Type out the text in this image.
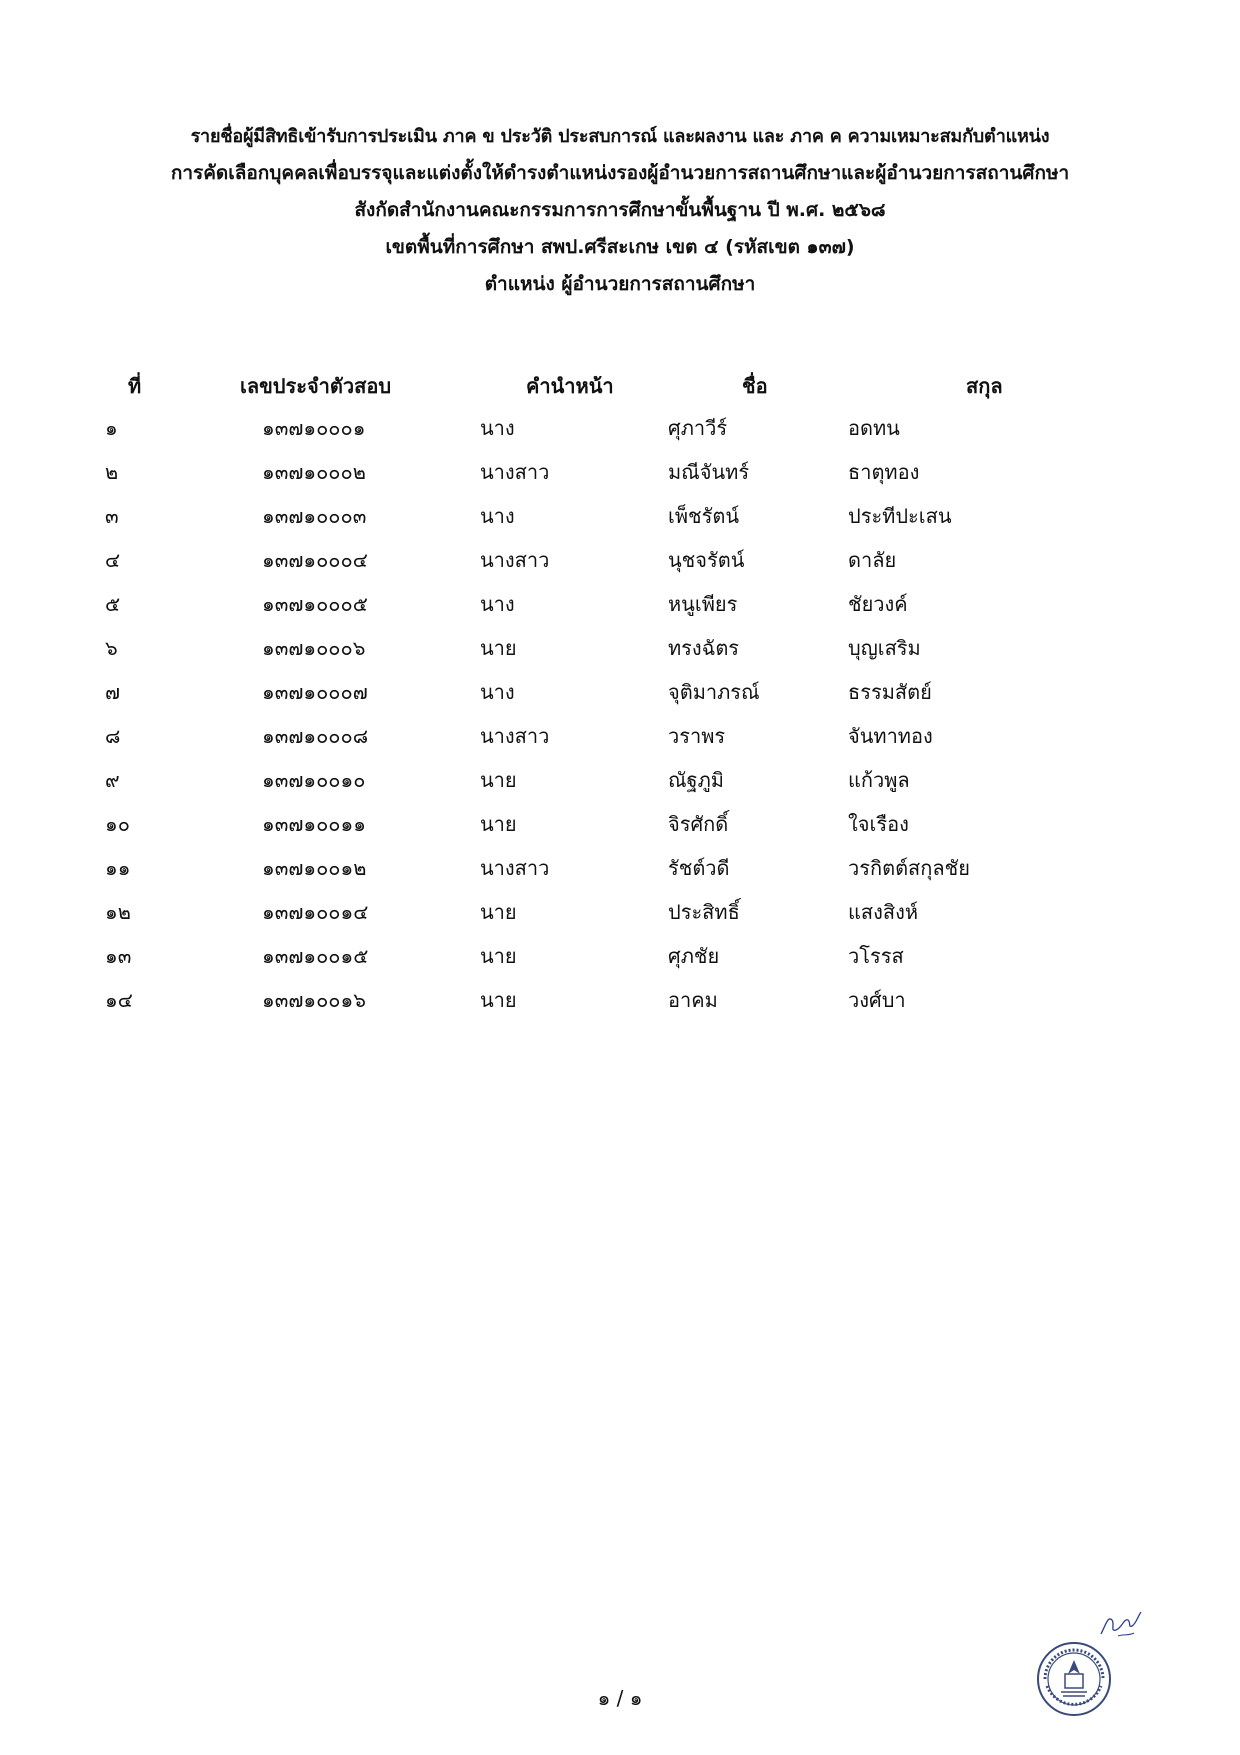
รายชื่อผู้มีสิทธิเข้ารับการประเมิน ภาค ข ประวัติ ประสบการณ์ และผลงาน และ ภาค ค ความเหมาะสมกับตำแหน่ง
การคัดเลือกบุคคลเพื่อบรรจุและแต่งตั้งให้ดำรงตำแหน่งรองผู้อำนวยการสถานศึกษาและผู้อำนวยการสถานศึกษา
สังกัดสำนักงานคณะกรรมการการศึกษาขั้นพื้นฐาน ปี พ.ศ. ๒๕๖๘
เขตพื้นที่การศึกษา สพป.ศรีสะเกษ เขต ๔ (รหัสเขต ๑๓๗)
ตำแหน่ง ผู้อำนวยการสถานศึกษา
ที่	เลขประจำตัวสอบ	คำนำหน้า	ชื่อ	สกุล
๑	๑๓๗๑๐๐๐๑	นาง	ศุภาวีร์	อดทน
๒	๑๓๗๑๐๐๐๒	นางสาว	มณีจันทร์	ธาตุทอง
๓	๑๓๗๑๐๐๐๓	นาง	เพ็ชรัตน์	ประทีปะเสน
๔	๑๓๗๑๐๐๐๔	นางสาว	นุชจรัตน์	ดาลัย
๕	๑๓๗๑๐๐๐๕	นาง	หนูเพียร	ชัยวงค์
๖	๑๓๗๑๐๐๐๖	นาย	ทรงฉัตร	บุญเสริม
๗	๑๓๗๑๐๐๐๗	นาง	จุติมาภรณ์	ธรรมสัตย์
๘	๑๓๗๑๐๐๐๘	นางสาว	วราพร	จันทาทอง
๙	๑๓๗๑๐๐๑๐	นาย	ณัฐภูมิ	แก้วพูล
๑๐	๑๓๗๑๐๐๑๑	นาย	จิรศักดิ์	ใจเรือง
๑๑	๑๓๗๑๐๐๑๒	นางสาว	รัชต์วดี	วรกิตต์สกุลชัย
๑๒	๑๓๗๑๐๐๑๔	นาย	ประสิทธิ์	แสงสิงห์
๑๓	๑๓๗๑๐๐๑๕	นาย	ศุภชัย	วโรรส
๑๔	๑๓๗๑๐๐๑๖	นาย	อาคม	วงศ์บา
๑ / ๑
